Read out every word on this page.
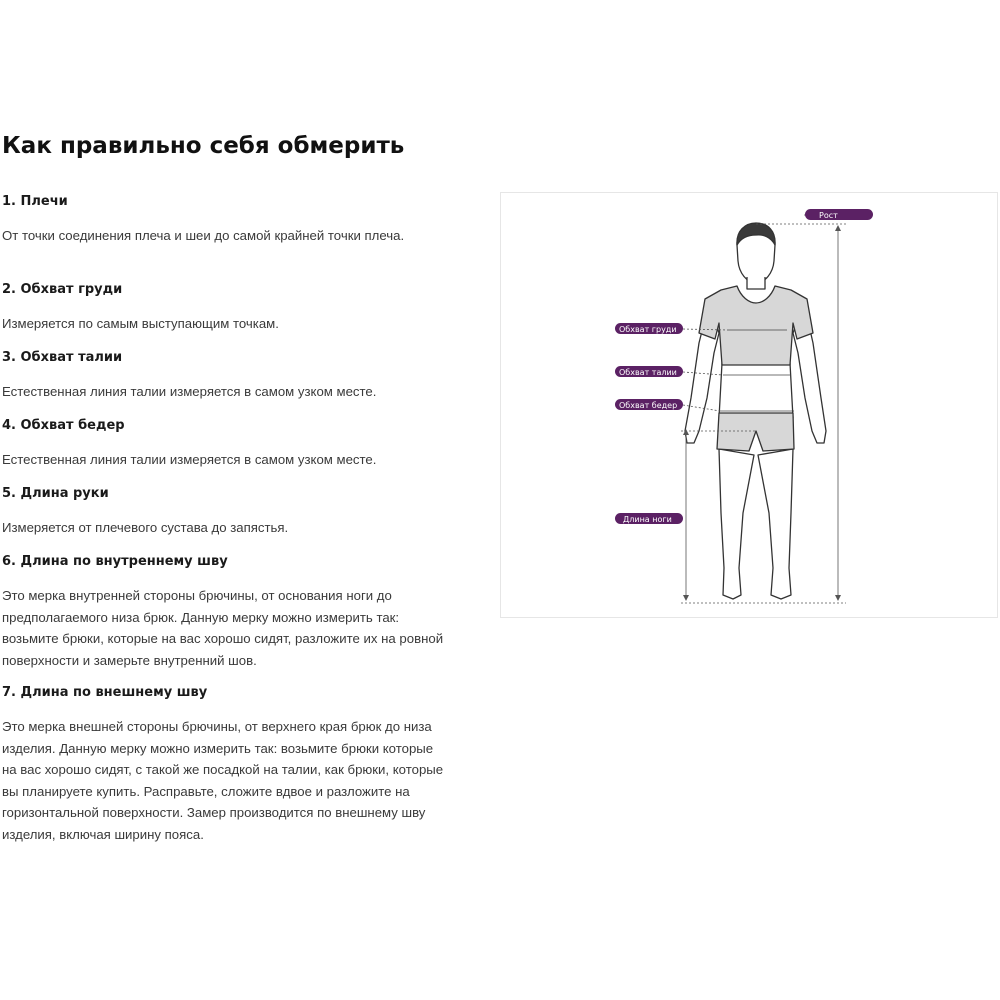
Как правильно себя обмерить

1. Плечи

От точки соединения плеча и шеи до самой крайней точки плеча.

2. Обхват груди

Измеряется по самым выступающим точкам.

3. Обхват талии

Естественная линия талии измеряется в самом узком месте.

4. Обхват бедер

Естественная линия талии измеряется в самом узком месте.

5. Длина руки

Измеряется от плечевого сустава до запястья.

6. Длина по внутреннему шву

Это мерка внутренней стороны брючины, от основания ноги до предполагаемого низа брюк. Данную мерку можно измерить так: возьмите брюки, которые на вас хорошо сидят, разложите их на ровной поверхности и замерьте внутренний шов.

7. Длина по внешнему шву

Это мерка внешней стороны брючины, от верхнего края брюк до низа изделия. Данную мерку можно измерить так: возьмите брюки которые на вас хорошо сидят, с такой же посадкой на талии, как брюки, которые вы планируете купить. Расправьте, сложите вдвое и разложите на горизонтальной поверхности. Замер производится по внешнему шву изделия, включая ширину пояса.

Рост
Обхват груди
Обхват талии
Обхват бедер
Длина ноги
